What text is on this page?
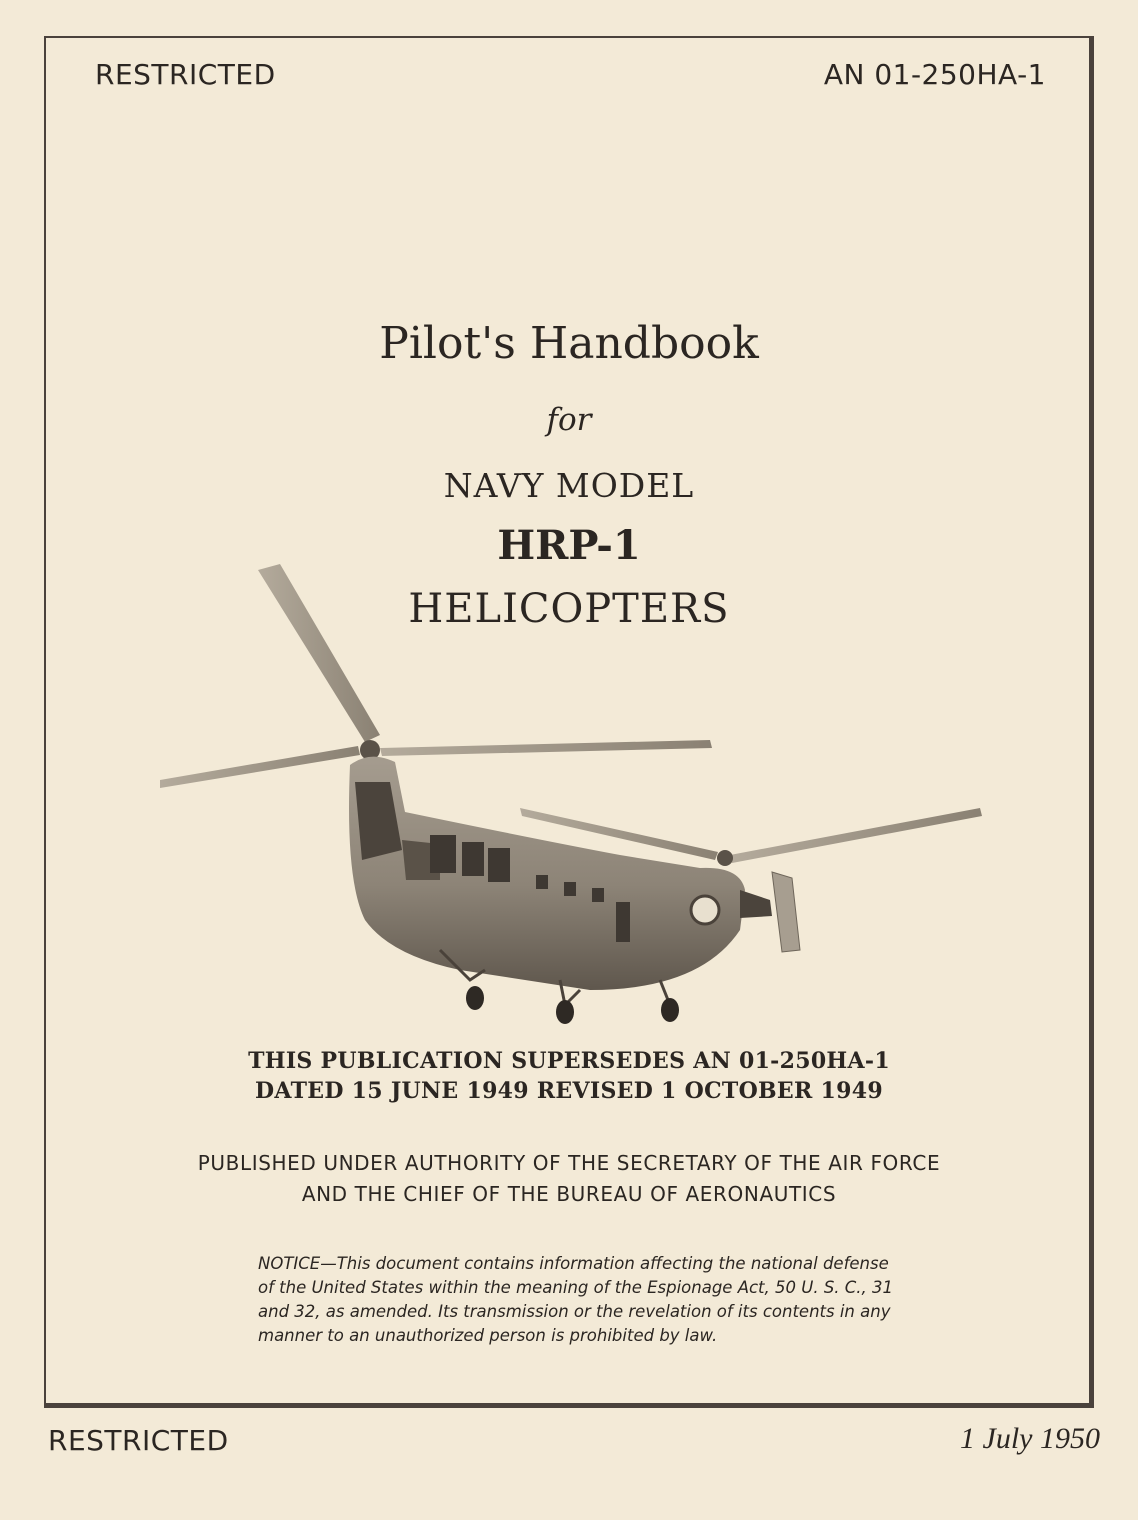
RESTRICTED	AN 01-250HA-1
Pilot's Handbook
for
NAVY MODEL
HRP-1
HELICOPTERS
THIS PUBLICATION SUPERSEDES AN 01-250HA-1
DATED 15 JUNE 1949 REVISED 1 OCTOBER 1949
PUBLISHED UNDER AUTHORITY OF THE SECRETARY OF THE AIR FORCE
AND THE CHIEF OF THE BUREAU OF AERONAUTICS
NOTICE—This document contains information affecting the national defense of the United States within the meaning of the Espionage Act, 50 U. S. C., 31 and 32, as amended. Its transmission or the revelation of its contents in any manner to an unauthorized person is prohibited by law.
RESTRICTED	1 July 1950
